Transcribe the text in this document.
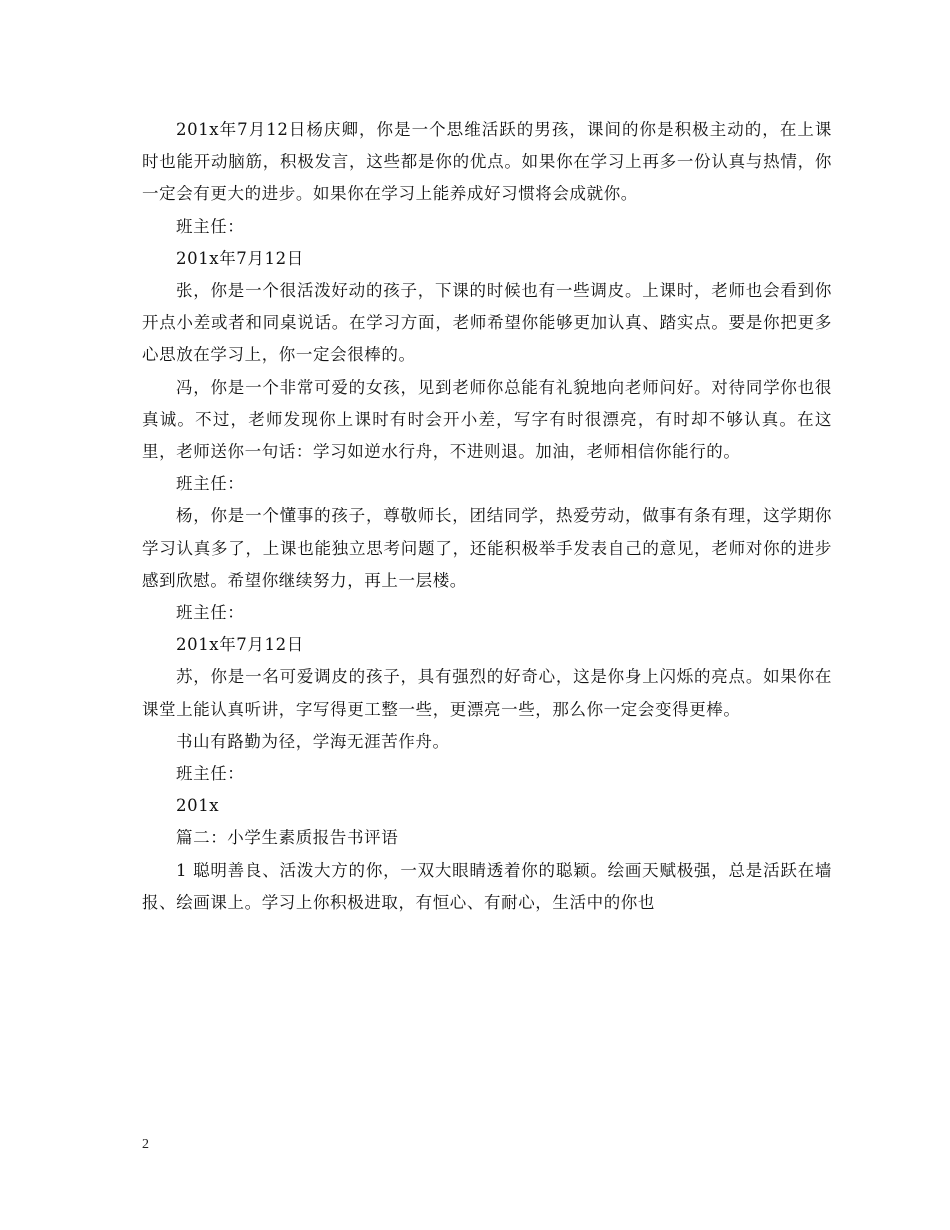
201x年7月12日杨庆卿，你是一个思维活跃的男孩，课间的你是积极主动的，在上课时也能开动脑筋，积极发言，这些都是你的优点。如果你在学习上再多一份认真与热情，你一定会有更大的进步。如果你在学习上能养成好习惯将会成就你。

班主任：

201x年7月12日

张，你是一个很活泼好动的孩子，下课的时候也有一些调皮。上课时，老师也会看到你开点小差或者和同桌说话。在学习方面，老师希望你能够更加认真、踏实点。要是你把更多心思放在学习上，你一定会很棒的。

冯，你是一个非常可爱的女孩，见到老师你总能有礼貌地向老师问好。对待同学你也很真诚。不过，老师发现你上课时有时会开小差，写字有时很漂亮，有时却不够认真。在这里，老师送你一句话：学习如逆水行舟，不进则退。加油，老师相信你能行的。

班主任：

杨，你是一个懂事的孩子，尊敬师长，团结同学，热爱劳动，做事有条有理，这学期你学习认真多了，上课也能独立思考问题了，还能积极举手发表自己的意见，老师对你的进步感到欣慰。希望你继续努力，再上一层楼。

班主任：

201x年7月12日

苏，你是一名可爱调皮的孩子，具有强烈的好奇心，这是你身上闪烁的亮点。如果你在课堂上能认真听讲，字写得更工整一些，更漂亮一些，那么你一定会变得更棒。

书山有路勤为径，学海无涯苦作舟。

班主任：

201x

篇二：小学生素质报告书评语

1 聪明善良、活泼大方的你，一双大眼睛透着你的聪颖。绘画天赋极强，总是活跃在墙报、绘画课上。学习上你积极进取，有恒心、有耐心，生活中的你也

2
